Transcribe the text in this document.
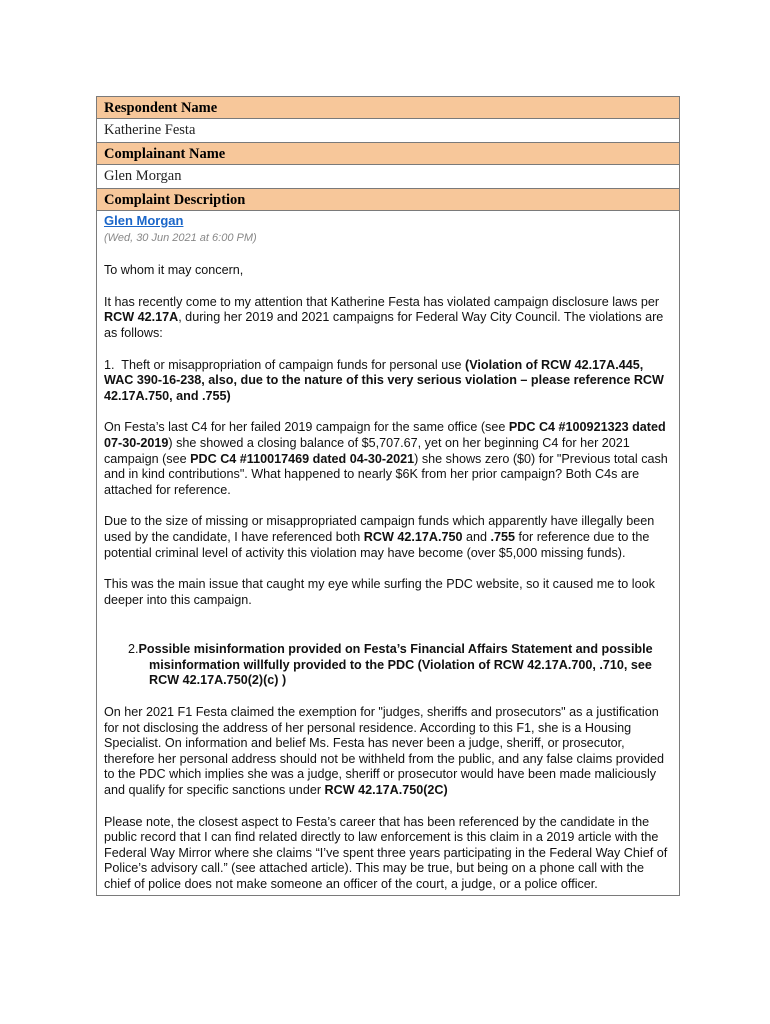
Respondent Name
Katherine Festa
Complainant Name
Glen Morgan
Complaint Description
Glen Morgan
(Wed, 30 Jun 2021 at 6:00 PM)

To whom it may concern,

It has recently come to my attention that Katherine Festa has violated campaign disclosure laws per RCW 42.17A, during her 2019 and 2021 campaigns for Federal Way City Council. The violations are as follows:

1. Theft or misappropriation of campaign funds for personal use (Violation of RCW 42.17A.445, WAC 390-16-238, also, due to the nature of this very serious violation – please reference RCW 42.17A.750, and .755)

On Festa’s last C4 for her failed 2019 campaign for the same office (see PDC C4 #100921323 dated 07-30-2019) she showed a closing balance of $5,707.67, yet on her beginning C4 for her 2021 campaign (see PDC C4 #110017469 dated 04-30-2021) she shows zero ($0) for "Previous total cash and in kind contributions". What happened to nearly $6K from her prior campaign? Both C4s are attached for reference.

Due to the size of missing or misappropriated campaign funds which apparently have illegally been used by the candidate, I have referenced both RCW 42.17A.750 and .755 for reference due to the potential criminal level of activity this violation may have become (over $5,000 missing funds).

This was the main issue that caught my eye while surfing the PDC website, so it caused me to look deeper into this campaign.

2.Possible misinformation provided on Festa’s Financial Affairs Statement and possible misinformation willfully provided to the PDC (Violation of RCW 42.17A.700, .710, see RCW 42.17A.750(2)(c) )

On her 2021 F1 Festa claimed the exemption for "judges, sheriffs and prosecutors" as a justification for not disclosing the address of her personal residence. According to this F1, she is a Housing Specialist. On information and belief Ms. Festa has never been a judge, sheriff, or prosecutor, therefore her personal address should not be withheld from the public, and any false claims provided to the PDC which implies she was a judge, sheriff or prosecutor would have been made maliciously and qualify for specific sanctions under RCW 42.17A.750(2C)

Please note, the closest aspect to Festa’s career that has been referenced by the candidate in the public record that I can find related directly to law enforcement is this claim in a 2019 article with the Federal Way Mirror where she claims “I’ve spent three years participating in the Federal Way Chief of Police’s advisory call.” (see attached article). This may be true, but being on a phone call with the chief of police does not make someone an officer of the court, a judge, or a police officer.
